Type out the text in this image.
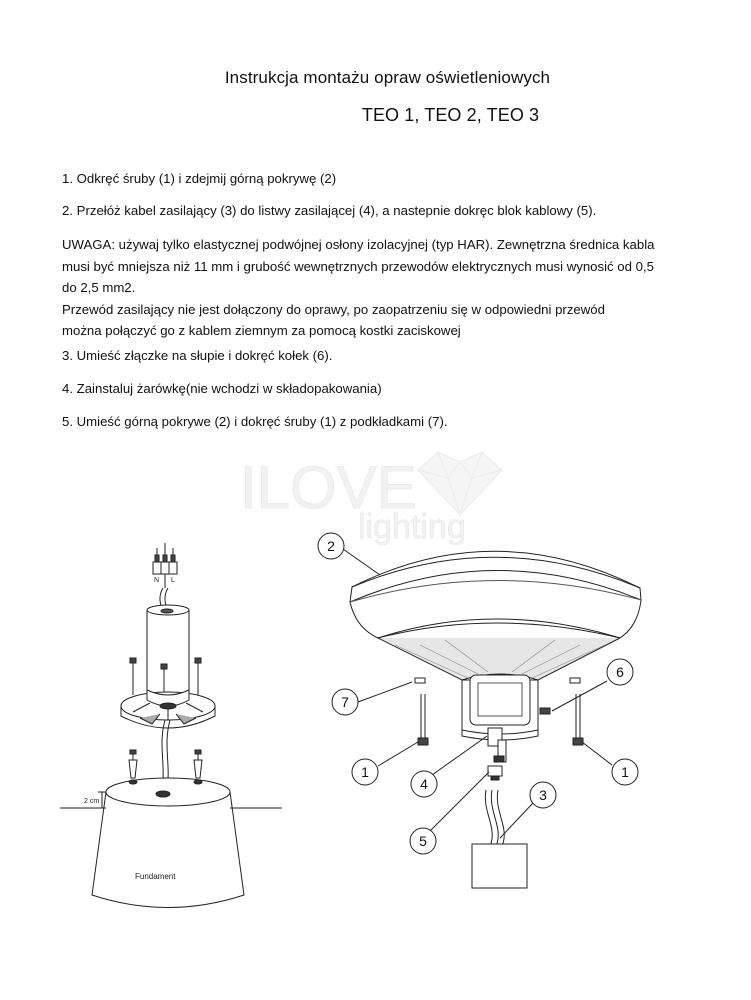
Instrukcja montażu opraw oświetleniowych
TEO 1, TEO 2, TEO 3

1. Odkręć śruby (1) i zdejmij górną pokrywę (2)

2. Przełóż kabel zasilający (3) do listwy zasilającej (4), a nastepnie dokręc blok kablowy (5).

UWAGA: używaj tylko elastycznej podwójnej osłony izolacyjnej (typ HAR). Zewnętrzna średnica kabla
musi być mniejsza niż 11 mm i grubość wewnętrznych przewodów elektrycznych musi wynosić od 0,5
do 2,5 mm2.
Przewód zasilający nie jest dołączony do oprawy, po zaopatrzeniu się w odpowiedni przewód
można połączyć go z kablem ziemnym za pomocą kostki zaciskowej

3. Umieść złączke na słupie i dokręć kołek (6).

4. Zainstaluj żarówkę(nie wchodzi w składopakowania)

5. Umieść górną pokrywe (2) i dokręć śruby (1) z podkładkami (7).

ILOVE
lighting
N L
2 cm
Fundament
2
7
6
1
4
1
3
5
